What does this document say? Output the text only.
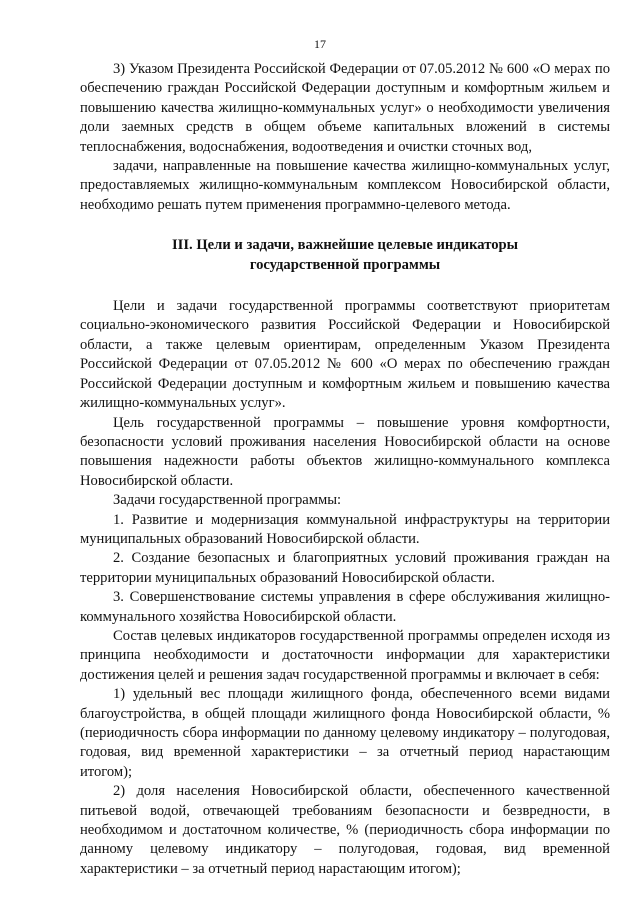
17

3) Указом Президента Российской Федерации от 07.05.2012 № 600 «О мерах по обеспечению граждан Российской Федерации доступным и комфортным жильем и повышению качества жилищно-коммунальных услуг» о необходимости увеличения доли заемных средств в общем объеме капитальных вложений в системы теплоснабжения, водоснабжения, водоотведения и очистки сточных вод,

задачи, направленные на повышение качества жилищно-коммунальных услуг, предоставляемых жилищно-коммунальным комплексом Новосибирской области, необходимо решать путем применения программно-целевого метода.

III. Цели и задачи, важнейшие целевые индикаторы
государственной программы

Цели и задачи государственной программы соответствуют приоритетам социально-экономического развития Российской Федерации и Новосибирской области, а также целевым ориентирам, определенным Указом Президента Российской Федерации от 07.05.2012 № 600 «О мерах по обеспечению граждан Российской Федерации доступным и комфортным жильем и повышению качества жилищно-коммунальных услуг».

Цель государственной программы – повышение уровня комфортности, безопасности условий проживания населения Новосибирской области на основе повышения надежности работы объектов жилищно-коммунального комплекса Новосибирской области.

Задачи государственной программы:

1. Развитие и модернизация коммунальной инфраструктуры на территории муниципальных образований Новосибирской области.

2. Создание безопасных и благоприятных условий проживания граждан на территории муниципальных образований Новосибирской области.

3. Совершенствование системы управления в сфере обслуживания жилищно-коммунального хозяйства Новосибирской области.

Состав целевых индикаторов государственной программы определен исходя из принципа необходимости и достаточности информации для характеристики достижения целей и решения задач государственной программы и включает в себя:

1) удельный вес площади жилищного фонда, обеспеченного всеми видами благоустройства, в общей площади жилищного фонда Новосибирской области, % (периодичность сбора информации по данному целевому индикатору – полугодовая, годовая, вид временной характеристики – за отчетный период нарастающим итогом);

2) доля населения Новосибирской области, обеспеченного качественной питьевой водой, отвечающей требованиям безопасности и безвредности, в необходимом и достаточном количестве, % (периодичность сбора информации по данному целевому индикатору – полугодовая, годовая, вид временной характеристики – за отчетный период нарастающим итогом);
